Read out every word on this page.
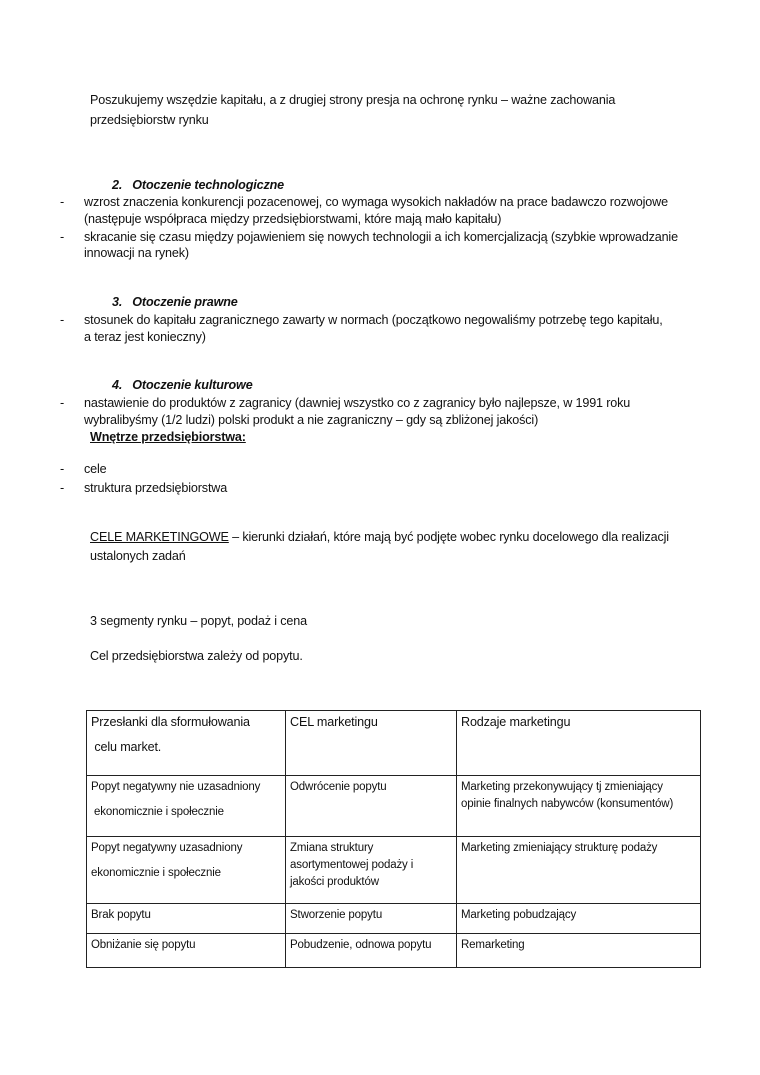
Poszukujemy wszędzie kapitału, a z drugiej strony presja na ochronę rynku – ważne zachowania
przedsiębiorstw rynku
2. Otoczenie technologiczne
- wzrost znaczenia konkurencji pozacenowej, co wymaga wysokich nakładów na prace badawczo rozwojowe
(następuje współpraca między przedsiębiorstwami, które mają mało kapitału)
- skracanie się czasu między pojawieniem się nowych technologii a ich komercjalizacją (szybkie wprowadzanie
innowacji na rynek)
3. Otoczenie prawne
- stosunek do kapitału zagranicznego zawarty w normach (początkowo negowaliśmy potrzebę tego kapitału,
a teraz jest konieczny)
4. Otoczenie kulturowe
- nastawienie do produktów z zagranicy (dawniej wszystko co z zagranicy było najlepsze, w 1991 roku
wybralibyśmy (1/2 ludzi) polski produkt a nie zagraniczny – gdy są zbliżonej jakości)
Wnętrze przedsiębiorstwa:
- cele
- struktura przedsiębiorstwa
CELE MARKETINGOWE – kierunki działań, które mają być podjęte wobec rynku docelowego dla realizacji
ustalonych zadań
3 segmenty rynku – popyt, podaż i cena
Cel przedsiębiorstwa zależy od popytu.
Przesłanki dla sformułowania
celu market.	CEL marketingu	Rodzaje marketingu
Popyt negatywny nie uzasadniony
ekonomicznie i społecznie	Odwrócenie popytu	Marketing przekonywujący tj zmieniający
opinie finalnych nabywców (konsumentów)
Popyt negatywny uzasadniony
ekonomicznie i społecznie	Zmiana struktury
asortymentowej podaży i
jakości produktów	Marketing zmieniający strukturę podaży
Brak popytu	Stworzenie popytu	Marketing pobudzający
Obniżanie się popytu	Pobudzenie, odnowa popytu	Remarketing
